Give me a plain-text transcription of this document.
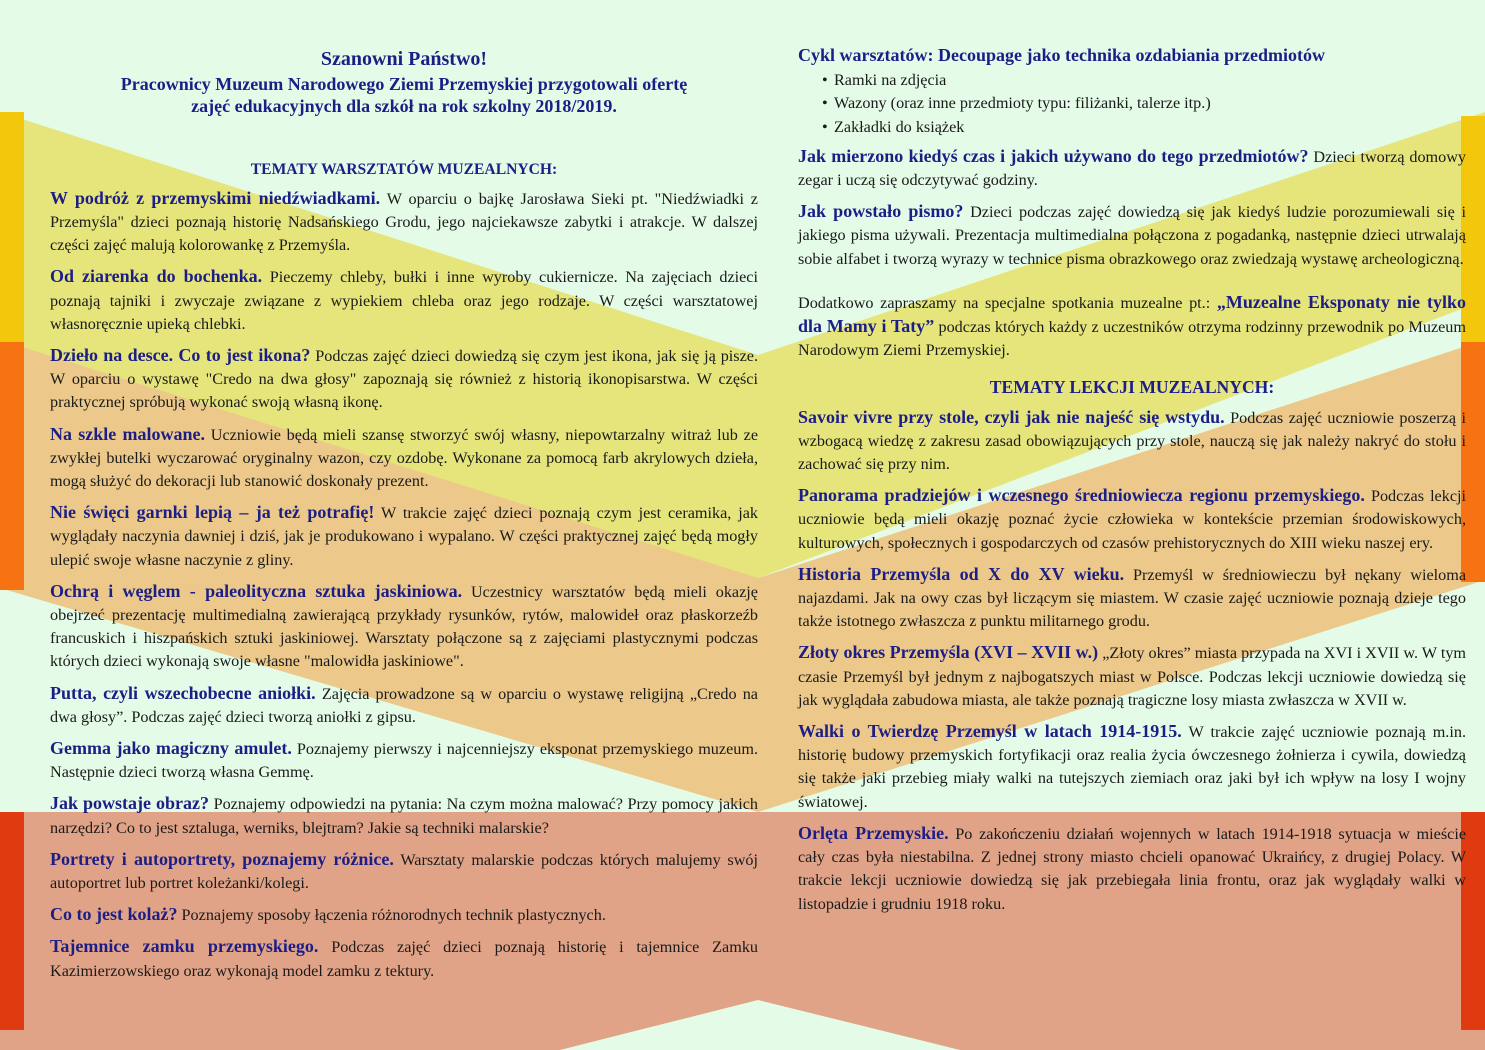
Szanowni Państwo!
Pracownicy Muzeum Narodowego Ziemi Przemyskiej przygotowali ofertę
zajęć edukacyjnych dla szkół na rok szkolny 2018/2019.
TEMATY WARSZTATÓW MUZEALNYCH:

W podróż z przemyskimi niedźwiadkami. W oparciu o bajkę Jarosława Sieki pt. "Niedźwiadki z Przemyśla" dzieci poznają historię Nadsańskiego Grodu, jego najciekawsze zabytki i atrakcje. W dalszej części zajęć malują kolorowankę z Przemyśla.

Od ziarenka do bochenka. Pieczemy chleby, bułki i inne wyroby cukiernicze. Na zajęciach dzieci poznają tajniki i zwyczaje związane z wypiekiem chleba oraz jego rodzaje. W części warsztatowej własnoręcznie upieką chlebki.

Dzieło na desce. Co to jest ikona? Podczas zajęć dzieci dowiedzą się czym jest ikona, jak się ją pisze. W oparciu o wystawę "Credo na dwa głosy" zapoznają się również z historią ikonopisarstwa. W części praktycznej spróbują wykonać swoją własną ikonę.

Na szkle malowane. Uczniowie będą mieli szansę stworzyć swój własny, niepowtarzalny witraż lub ze zwykłej butelki wyczarować oryginalny wazon, czy ozdobę. Wykonane za pomocą farb akrylowych dzieła, mogą służyć do dekoracji lub stanowić doskonały prezent.

Nie święci garnki lepią – ja też potrafię! W trakcie zajęć dzieci poznają czym jest ceramika, jak wyglądały naczynia dawniej i dziś, jak je produkowano i wypalano. W części praktycznej zajęć będą mogły ulepić swoje własne naczynie z gliny.

Ochrą i węglem - paleolityczna sztuka jaskiniowa. Uczestnicy warsztatów będą mieli okazję obejrzeć prezentację multimedialną zawierającą przykłady rysunków, rytów, malowideł oraz płaskorzeźb francuskich i hiszpańskich sztuki jaskiniowej. Warsztaty połączone są z zajęciami plastycznymi podczas których dzieci wykonają swoje własne "malowidła jaskiniowe".

Putta, czyli wszechobecne aniołki. Zajęcia prowadzone są w oparciu o wystawę religijną „Credo na dwa głosy”. Podczas zajęć dzieci tworzą aniołki z gipsu.

Gemma jako magiczny amulet. Poznajemy pierwszy i najcenniejszy eksponat przemyskiego muzeum. Następnie dzieci tworzą własna Gemmę.

Jak powstaje obraz? Poznajemy odpowiedzi na pytania: Na czym można malować? Przy pomocy jakich narzędzi? Co to jest sztaluga, werniks, blejtram? Jakie są techniki malarskie?

Portrety i autoportrety, poznajemy różnice. Warsztaty malarskie podczas których malujemy swój autoportret lub portret koleżanki/kolegi.

Co to jest kolaż? Poznajemy sposoby łączenia różnorodnych technik plastycznych.

Tajemnice zamku przemyskiego. Podczas zajęć dzieci poznają historię i tajemnice Zamku Kazimierzowskiego oraz wykonają model zamku z tektury.

Cykl warsztatów: Decoupage jako technika ozdabiania przedmiotów
• Ramki na zdjęcia
• Wazony (oraz inne przedmioty typu: filiżanki, talerze itp.)
• Zakładki do książek

Jak mierzono kiedyś czas i jakich używano do tego przedmiotów? Dzieci tworzą domowy zegar i uczą się odczytywać godziny.

Jak powstało pismo? Dzieci podczas zajęć dowiedzą się jak kiedyś ludzie porozumiewali się i jakiego pisma używali. Prezentacja multimedialna połączona z pogadanką, następnie dzieci utrwalają sobie alfabet i tworzą wyrazy w technice pisma obrazkowego oraz zwiedzają wystawę archeologiczną.

Dodatkowo zapraszamy na specjalne spotkania muzealne pt.: „Muzealne Eksponaty nie tylko dla Mamy i Taty” podczas których każdy z uczestników otrzyma rodzinny przewodnik po Muzeum Narodowym Ziemi Przemyskiej.

TEMATY LEKCJI MUZEALNYCH:

Savoir vivre przy stole, czyli jak nie najeść się wstydu. Podczas zajęć uczniowie poszerzą i wzbogacą wiedzę z zakresu zasad obowiązujących przy stole, nauczą się jak należy nakryć do stołu i zachować się przy nim.

Panorama pradziejów i wczesnego średniowiecza regionu przemyskiego. Podczas lekcji uczniowie będą mieli okazję poznać życie człowieka w kontekście przemian środowiskowych, kulturowych, społecznych i gospodarczych od czasów prehistorycznych do XIII wieku naszej ery.

Historia Przemyśla od X do XV wieku. Przemyśl w średniowieczu był nękany wieloma najazdami. Jak na owy czas był liczącym się miastem. W czasie zajęć uczniowie poznają dzieje tego także istotnego zwłaszcza z punktu militarnego grodu.

Złoty okres Przemyśla (XVI – XVII w.) „Złoty okres” miasta przypada na XVI i XVII w. W tym czasie Przemyśl był jednym z najbogatszych miast w Polsce. Podczas lekcji uczniowie dowiedzą się jak wyglądała zabudowa miasta, ale także poznają tragiczne losy miasta zwłaszcza w XVII w.

Walki o Twierdzę Przemyśl w latach 1914-1915. W trakcie zajęć uczniowie poznają m.in. historię budowy przemyskich fortyfikacji oraz realia życia ówczesnego żołnierza i cywila, dowiedzą się także jaki przebieg miały walki na tutejszych ziemiach oraz jaki był ich wpływ na losy I wojny światowej.

Orlęta Przemyskie. Po zakończeniu działań wojennych w latach 1914-1918 sytuacja w mieście cały czas była niestabilna. Z jednej strony miasto chcieli opanować Ukraińcy, z drugiej Polacy. W trakcie lekcji uczniowie dowiedzą się jak przebiegała linia frontu, oraz jak wyglądały walki w listopadzie i grudniu 1918 roku.
